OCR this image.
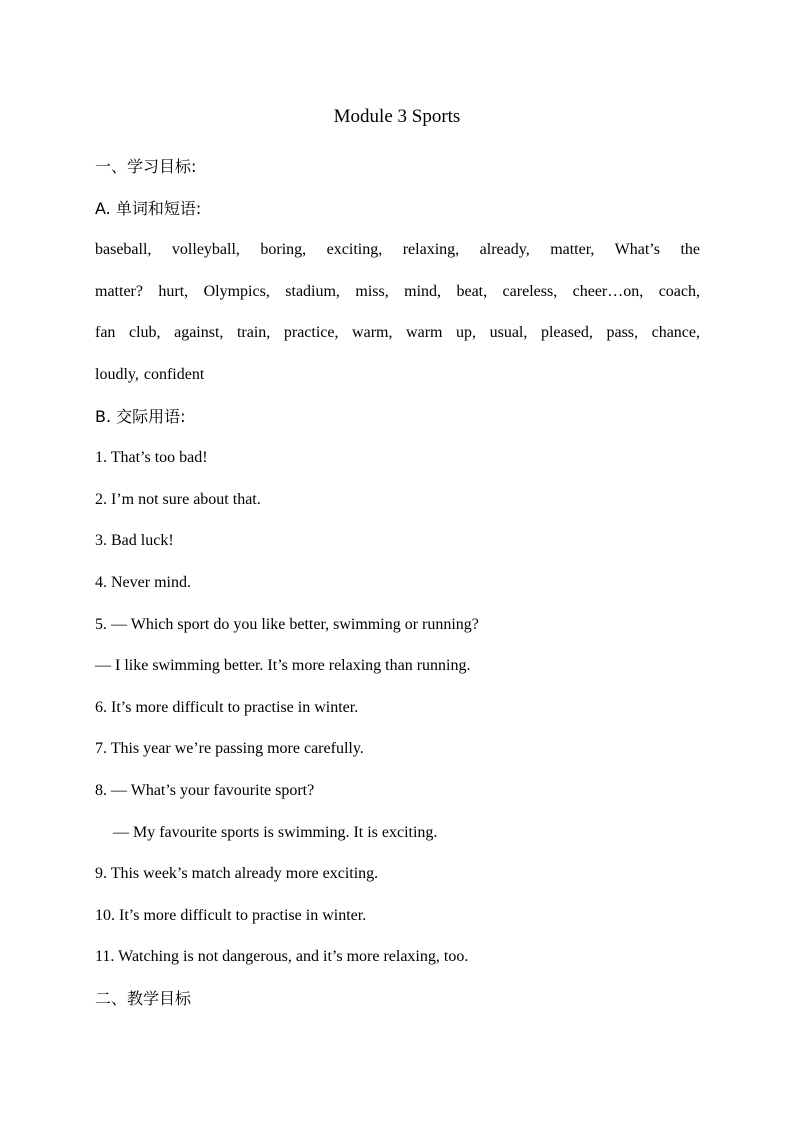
Module 3 Sports
一、学习目标:
A. 单词和短语:
baseball, volleyball, boring, exciting, relaxing, already, matter, What’s the
matter? hurt, Olympics, stadium, miss, mind, beat, careless, cheer…on, coach,
fan club, against, train, practice, warm, warm up, usual, pleased, pass, chance,
loudly, confident
B. 交际用语:
1. That’s too bad!
2. I’m not sure about that.
3. Bad luck!
4. Never mind.
5. — Which sport do you like better, swimming or running?
— I like swimming better. It’s more relaxing than running.
6. It’s more difficult to practise in winter.
7. This year we’re passing more carefully.
8. — What’s your favourite sport?
— My favourite sports is swimming. It is exciting.
9. This week’s match already more exciting.
10. It’s more difficult to practise in winter.
11. Watching is not dangerous, and it’s more relaxing, too.
二、教学目标
